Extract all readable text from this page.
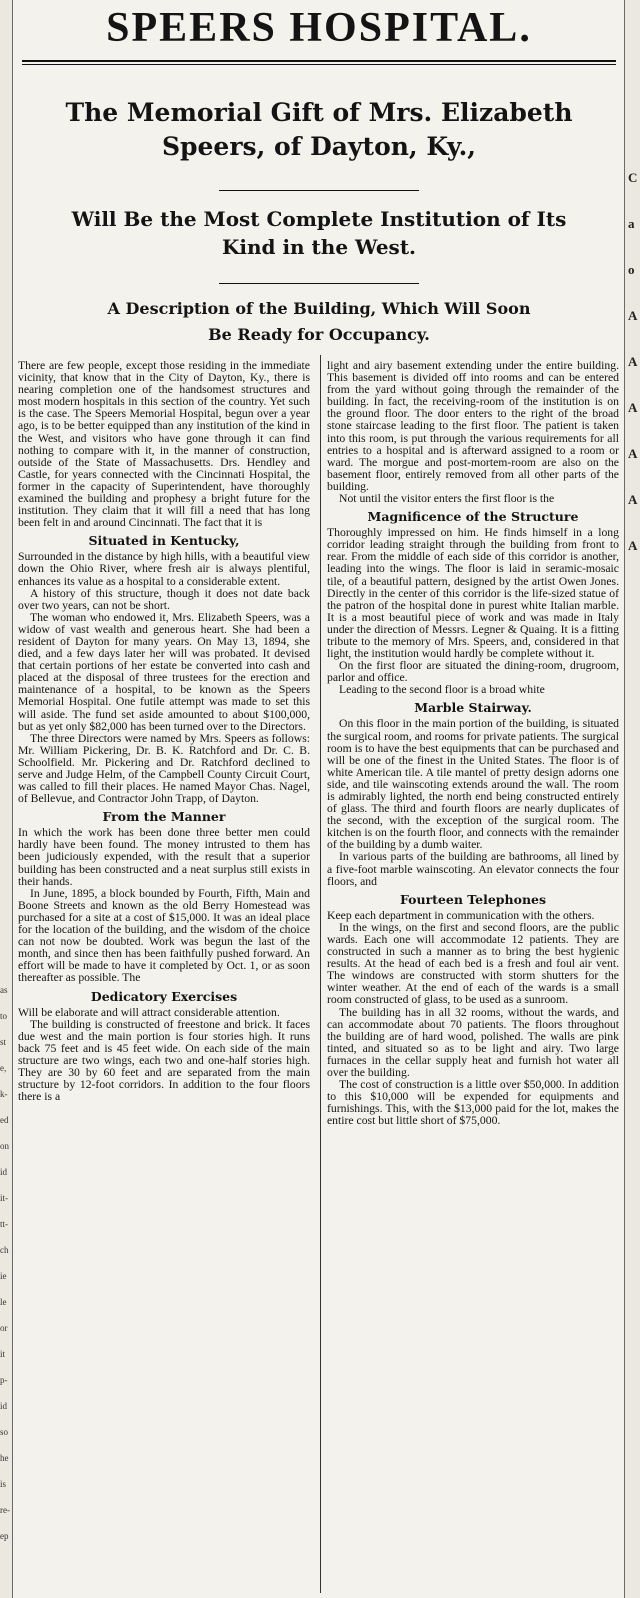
as
to
st
e,
k-
ed
on
id
it-
tt-
ch
ie
le
or
it
p-
id
so
he
is
re-
ep
C
a
o
A
A
A
A
A
A
SPEERS HOSPITAL.
The Memorial Gift of Mrs. Elizabeth
Speers, of Dayton, Ky.,
Will Be the Most Complete Institution of Its
Kind in the West.
A Description of the Building, Which Will Soon
Be Ready for Occupancy.

There are few people, except those residing in the immediate vicinity, that know that in the City of Dayton, Ky., there is nearing completion one of the handsomest structures and most modern hospitals in this section of the country. Yet such is the case. The Speers Memorial Hospital, begun over a year ago, is to be better equipped than any institution of the kind in the West, and visitors who have gone through it can find nothing to compare with it, in the manner of construction, outside of the State of Massachusetts. Drs. Hendley and Castle, for years connected with the Cincinnati Hospital, the former in the capacity of Superintendent, have thoroughly examined the building and prophesy a bright future for the institution. They claim that it will fill a need that has long been felt in and around Cincinnati. The fact that it is

Situated in Kentucky,

Surrounded in the distance by high hills, with a beautiful view down the Ohio River, where fresh air is always plentiful, enhances its value as a hospital to a considerable extent.

A history of this structure, though it does not date back over two years, can not be short.

The woman who endowed it, Mrs. Elizabeth Speers, was a widow of vast wealth and generous heart. She had been a resident of Dayton for many years. On May 13, 1894, she died, and a few days later her will was probated. It devised that certain portions of her estate be converted into cash and placed at the disposal of three trustees for the erection and maintenance of a hospital, to be known as the Speers Memorial Hospital. One futile attempt was made to set this will aside. The fund set aside amounted to about $100,000, but as yet only $82,000 has been turned over to the Directors.

The three Directors were named by Mrs. Speers as follows: Mr. William Pickering, Dr. B. K. Ratchford and Dr. C. B. Schoolfield. Mr. Pickering and Dr. Ratchford declined to serve and Judge Helm, of the Campbell County Circuit Court, was called to fill their places. He named Mayor Chas. Nagel, of Bellevue, and Contractor John Trapp, of Dayton.

From the Manner

In which the work has been done three better men could hardly have been found. The money intrusted to them has been judiciously expended, with the result that a superior building has been constructed and a neat surplus still exists in their hands.

In June, 1895, a block bounded by Fourth, Fifth, Main and Boone Streets and known as the old Berry Homestead was purchased for a site at a cost of $15,000. It was an ideal place for the location of the building, and the wisdom of the choice can not now be doubted. Work was begun the last of the month, and since then has been faithfully pushed forward. An effort will be made to have it completed by Oct. 1, or as soon thereafter as possible. The

Dedicatory Exercises

Will be elaborate and will attract considerable attention.

The building is constructed of freestone and brick. It faces due west and the main portion is four stories high. It runs back 75 feet and is 45 feet wide. On each side of the main structure are two wings, each two and one-half stories high. They are 30 by 60 feet and are separated from the main structure by 12-foot corridors. In addition to the four floors there is a

light and airy basement extending under the entire building. This basement is divided off into rooms and can be entered from the yard without going through the remainder of the building. In fact, the receiving-room of the institution is on the ground floor. The door enters to the right of the broad stone staircase leading to the first floor. The patient is taken into this room, is put through the various requirements for all entries to a hospital and is afterward assigned to a room or ward. The morgue and post-mortem-room are also on the basement floor, entirely removed from all other parts of the building.

Not until the visitor enters the first floor is the

Magnificence of the Structure

Thoroughly impressed on him. He finds himself in a long corridor leading straight through the building from front to rear. From the middle of each side of this corridor is another, leading into the wings. The floor is laid in seramic-mosaic tile, of a beautiful pattern, designed by the artist Owen Jones. Directly in the center of this corridor is the life-sized statue of the patron of the hospital done in purest white Italian marble. It is a most beautiful piece of work and was made in Italy under the direction of Messrs. Legner & Quaing. It is a fitting tribute to the memory of Mrs. Speers, and, considered in that light, the institution would hardly be complete without it.

On the first floor are situated the dining-room, drugroom, parlor and office.

Leading to the second floor is a broad white

Marble Stairway.

On this floor in the main portion of the building, is situated the surgical room, and rooms for private patients. The surgical room is to have the best equipments that can be purchased and will be one of the finest in the United States. The floor is of white American tile. A tile mantel of pretty design adorns one side, and tile wainscoting extends around the wall. The room is admirably lighted, the north end being constructed entirely of glass. The third and fourth floors are nearly duplicates of the second, with the exception of the surgical room. The kitchen is on the fourth floor, and connects with the remainder of the building by a dumb waiter.

In various parts of the building are bathrooms, all lined by a five-foot marble wainscoting. An elevator connects the four floors, and

Fourteen Telephones

Keep each department in communication with the others.

In the wings, on the first and second floors, are the public wards. Each one will accommodate 12 patients. They are constructed in such a manner as to bring the best hygienic results. At the head of each bed is a fresh and foul air vent. The windows are constructed with storm shutters for the winter weather. At the end of each of the wards is a small room constructed of glass, to be used as a sunroom.

The building has in all 32 rooms, without the wards, and can accommodate about 70 patients. The floors throughout the building are of hard wood, polished. The walls are pink tinted, and situated so as to be light and airy. Two large furnaces in the cellar supply heat and furnish hot water all over the building.

The cost of construction is a little over $50,000. In addition to this $10,000 will be expended for equipments and furnishings. This, with the $13,000 paid for the lot, makes the entire cost but little short of $75,000.
